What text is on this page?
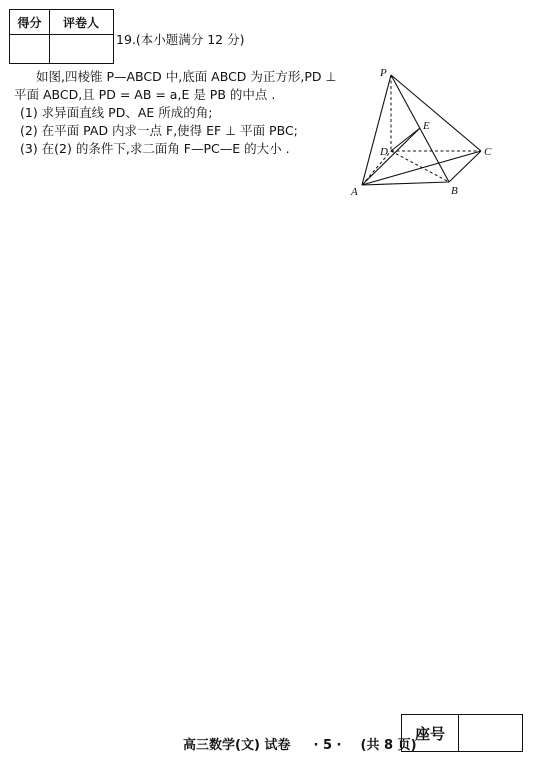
得分	评卷人
19.(本小题满分 12 分)

如图,四棱锥 P—ABCD 中,底面 ABCD 为正方形,PD ⊥

平面 ABCD,且 PD = AB = a,E 是 PB 的中点 .

(1) 求异面直线 PD、AE 所成的角;

(2) 在平面 PAD 内求一点 F,使得 EF ⊥ 平面 PBC;

(3) 在(2) 的条件下,求二面角 F—PC—E 的大小 .

P
E
D	C
A	B
高三数学(文) 试卷 · 5 · (共 8 页)
座号
